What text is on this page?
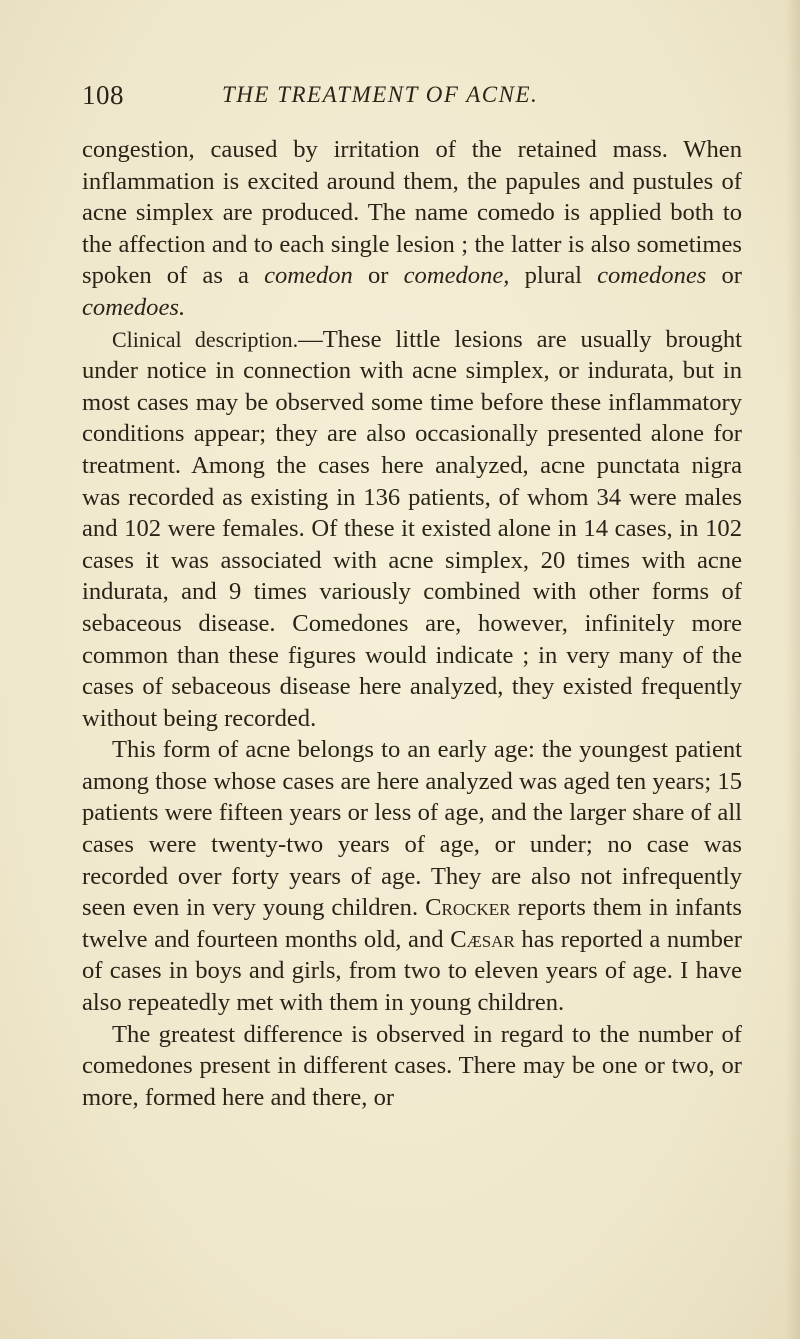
108	THE TREATMENT OF ACNE.

congestion, caused by irritation of the retained mass. When inflammation is excited around them, the papules and pustules of acne simplex are produced. The name comedo is applied both to the affection and to each single lesion ; the latter is also sometimes spoken of as a comedon or comedone, plural comedones or comedoes.

Clinical description.—These little lesions are usually brought under notice in connection with acne simplex, or indurata, but in most cases may be observed some time before these inflammatory conditions appear; they are also occasionally presented alone for treatment. Among the cases here analyzed, acne punctata nigra was recorded as existing in 136 patients, of whom 34 were males and 102 were females. Of these it existed alone in 14 cases, in 102 cases it was associated with acne simplex, 20 times with acne indurata, and 9 times variously combined with other forms of sebaceous disease. Comedones are, however, infinitely more common than these figures would indicate ; in very many of the cases of sebaceous disease here analyzed, they existed frequently without being recorded.

This form of acne belongs to an early age: the youngest patient among those whose cases are here analyzed was aged ten years; 15 patients were fifteen years or less of age, and the larger share of all cases were twenty-two years of age, or under; no case was recorded over forty years of age. They are also not infrequently seen even in very young children. Crocker reports them in infants twelve and fourteen months old, and Cæsar has reported a number of cases in boys and girls, from two to eleven years of age. I have also repeatedly met with them in young children.

The greatest difference is observed in regard to the number of comedones present in different cases. There may be one or two, or more, formed here and there, or
